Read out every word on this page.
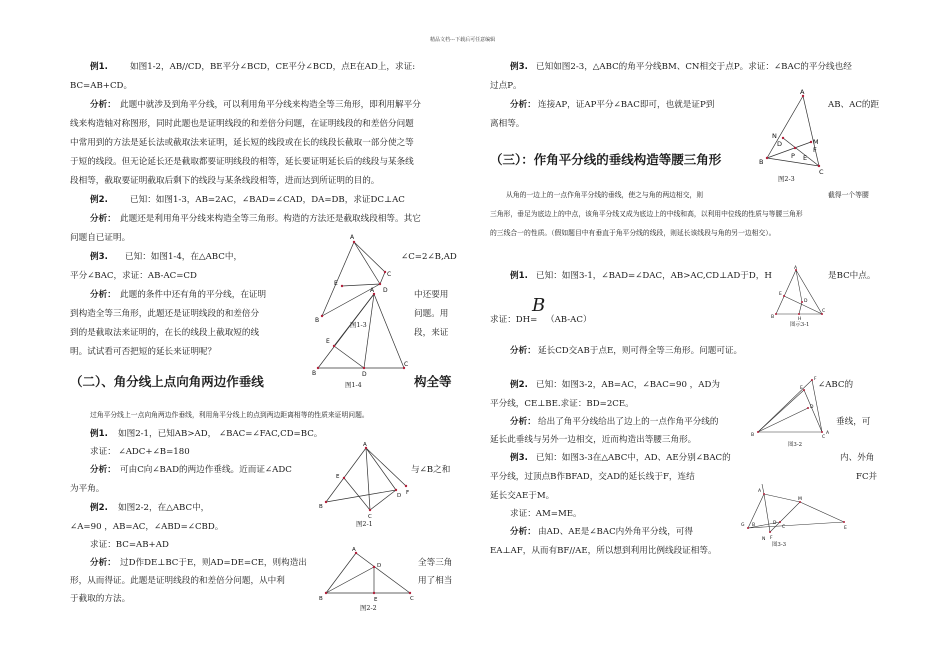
精品文档---下载后可任意编辑
例1.	如图1-2，AB//CD，BE平分∠BCD，CE平分∠BCD，点E在AD上，求证:
BC=AB+CD。
分析： 此题中就涉及到角平分线，可以利用角平分线来构造全等三角形，即利用解平分
线来构造轴对称图形，同时此题也是证明线段的和差倍分问题，在证明线段的和差倍分问题
中常用到的方法是延长法或截取法来证明，延长短的线段或在长的线段长截取一部分使之等
于短的线段。但无论延长还是截取都要证明线段的相等，延长要证明延长后的线段与某条线
段相等，截取要证明截取后剩下的线段与某条线段相等，进而达到所证明的目的。
例2.	已知：如图1-3，AB=2AC，∠BAD=∠CAD，DA=DB，求证DC⊥AC
分析： 此题还是利用角平分线来构造全等三角形。构造的方法还是截取线段相等。其它
问题自已证明。
例3. 已知：如图1-4，在△ABC中，	∠C=2∠B,AD
平分∠BAC，求证：AB-AC=CD
分析： 此题的条件中还有角的平分线，在证明	中还要用
到构造全等三角形，此题还是证明线段的和差倍分	问题。用
到的是截取法来证明的，在长的线段上截取短的线	段，来证
明。试试看可否把短的延长来证明呢？
A
B
C
D
E
图1-3
A
B
C
D
E
图1-4
（二）、角分线上点向角两边作垂线	构全等
过角平分线上一点向角两边作垂线，利用角平分线上的点到两边距离相等的性质来证明问题。
例1. 如图2-1，已知AB>AD， ∠BAC=∠FAC,CD=BC。
求证： ∠ADC+∠B=180
分析： 可由C向∠BAD的两边作垂线。近而证∠ADC	与∠B之和
为平角。
A
B
C
D
E
F
图2-1
例2. 如图2-2，在△ABC中，
∠A=90 ，AB=AC，∠ABD=∠CBD。
求证：BC=AB+AD
分析： 过D作DE⊥BC于E，则AD=DE=CE，则构造出	全等三角
形，从而得证。此题是证明线段的和差倍分问题，从中利	用了相当
于截取的方法。
A
B	C
D
E
图2-2
例3. 已知如图2-3，△ABC的角平分线BM、CN相交于点P。求证：∠BAC的平分线也经
过点P。
分析： 连接AP，证AP平分∠BAC即可，也就是证P到	AB、AC的距
离相等。
A
B
C
N
M
F
P
D
E
图2-3
（三）：作角平分线的垂线构造等腰三角形
从角的一边上的一点作角平分线的垂线，使之与角的两边相交，则	截得一个等腰
三角形，垂足为底边上的中点，该角平分线又成为底边上的中线和高，以利用中位线的性质与等腰三角形
的三线合一的性质。（假如题目中有垂直于角平分线的线段，则延长该线段与角的另一边相交）。
例1. 已知：如图3-1，∠BAD=∠DAC，AB>AC,CD⊥AD于D，H	是BC中点。
求证：DH=
B
（AB-AC）
A
B
C
D
E
H
图示3-1
分析： 延长CD交AB于点E，则可得全等三角形。问题可证。
例2. 已知：如图3-2，AB=AC，∠BAC=90 ，AD为	∠ABC的
平分线，CE⊥BE.求证：BD=2CE。
分析： 给出了角平分线给出了边上的一点作角平分线的	垂线，可
延长此垂线与另外一边相交，近而构造出等腰三角形。	B	C
E
F
D
A
图3-2
例3. 已知：如图3-3在△ABC中，AD、AE分别∠BAC的	内、外角
平分线，过顶点B作BFAD，交AD的延长线于F，连结	FC并
延长交AE于M。
求证：AM=ME。
分析： 由AD、AE是∠BAC内外角平分线，可得
EA⊥AF，从而有BF//AE，所以想到利用比例线段证相等。
A
G B
M
E
F
N
C
D
图3-3
